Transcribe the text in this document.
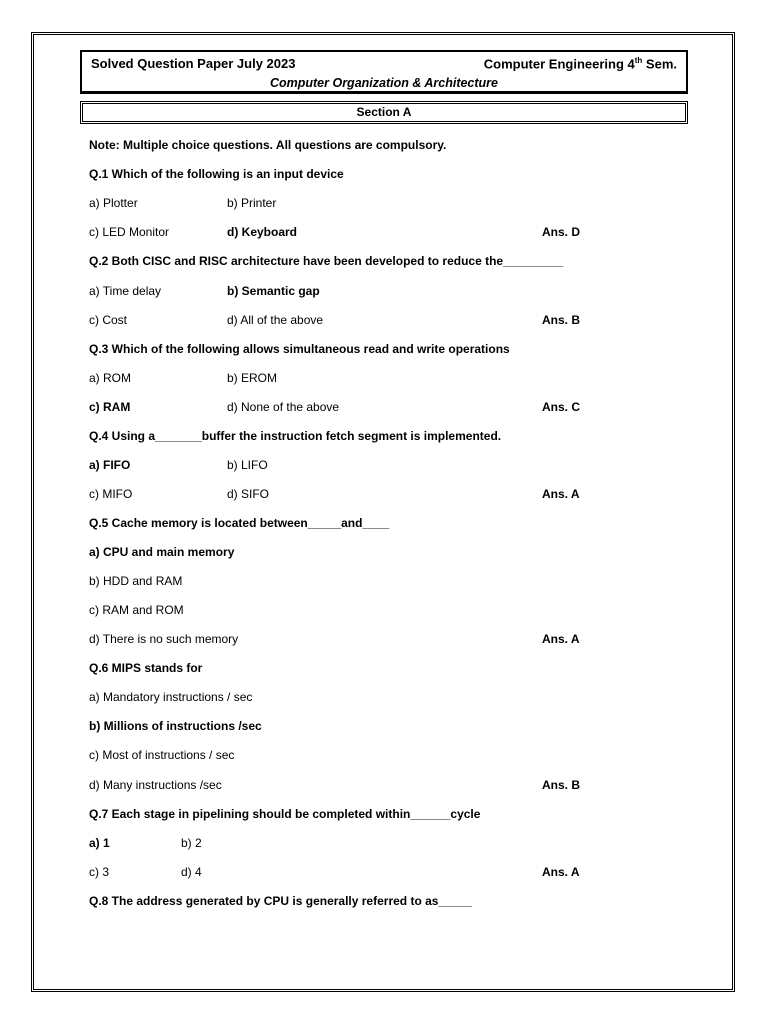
Solved Question Paper July 2023	Computer Engineering 4th Sem.
Computer Organization & Architecture
Section A
Note: Multiple choice questions. All questions are compulsory.
Q.1 Which of the following is an input device
a) Plotter	b) Printer
c) LED Monitor	d) Keyboard	Ans. D
Q.2 Both CISC and RISC architecture have been developed to reduce the_________
a) Time delay	b) Semantic gap
c) Cost	d) All of the above	Ans. B
Q.3 Which of the following allows simultaneous read and write operations
a) ROM	b) EROM
c) RAM	d) None of the above	Ans. C
Q.4 Using a_______buffer the instruction fetch segment is implemented.
a) FIFO	b) LIFO
c) MIFO	d) SIFO	Ans. A
Q.5 Cache memory is located between_____and____
a) CPU and main memory
b) HDD and RAM
c) RAM and ROM
d) There is no such memory	Ans. A
Q.6 MIPS stands for
a) Mandatory instructions / sec
b) Millions of instructions /sec
c) Most of instructions / sec
d) Many instructions /sec	Ans. B
Q.7 Each stage in pipelining should be completed within______cycle
a) 1	b) 2
c) 3	d) 4	Ans. A
Q.8 The address generated by CPU is generally referred to as_____
